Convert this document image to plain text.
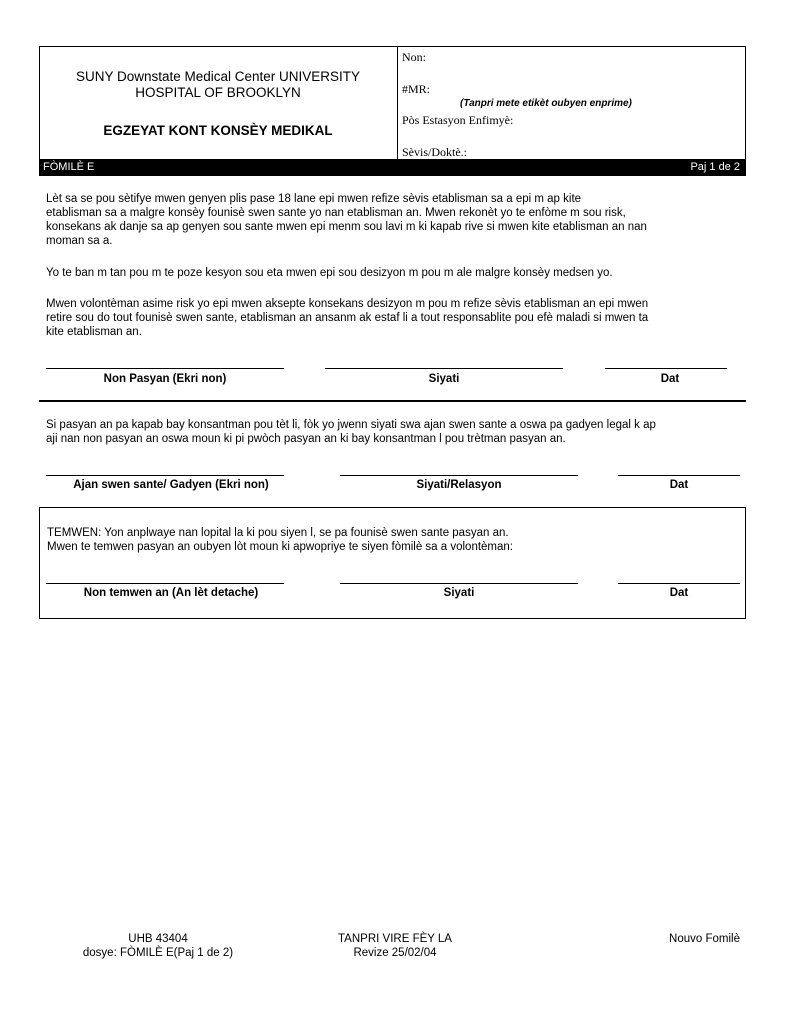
SUNY Downstate Medical Center UNIVERSITY
HOSPITAL OF BROOKLYN
EGZEYAT KONT KONSÈY MEDIKAL
Non:
#MR:
(Tanpri mete etikèt oubyen enprime)
Pòs Estasyon Enfimyè:
Sèvis/Doktè.:
FÒMILÈ E	Paj 1 de 2
Lèt sa se pou sètifye mwen genyen plis pase 18 lane epi mwen refize sèvis etablisman sa a epi m ap kite
etablisman sa a malgre konsèy founisè swen sante yo nan etablisman an. Mwen rekonèt yo te enfòme m sou risk,
konsekans ak danje sa ap genyen sou sante mwen epi menm sou lavi m ki kapab rive si mwen kite etablisman an nan
moman sa a.
Yo te ban m tan pou m te poze kesyon sou eta mwen epi sou desizyon m pou m ale malgre konsèy medsen yo.
Mwen volontèman asime risk yo epi mwen aksepte konsekans desizyon m pou m refize sèvis etablisman an epi mwen
retire sou do tout founisè swen sante, etablisman an ansanm ak estaf li a tout responsablite pou efè maladi si mwen ta
kite etablisman an.
Non Pasyan (Ekri non)	Siyati	Dat
Si pasyan an pa kapab bay konsantman pou tèt li, fòk yo jwenn siyati swa ajan swen sante a oswa pa gadyen legal k ap
aji nan non pasyan an oswa moun ki pi pwòch pasyan an ki bay konsantman l pou trètman pasyan an.
Ajan swen sante/ Gadyen (Ekri non)	Siyati/Relasyon	Dat
TEMWEN: Yon anplwaye nan lopital la ki pou siyen l, se pa founisè swen sante pasyan an.
Mwen te temwen pasyan an oubyen lòt moun ki apwopriye te siyen fòmilè sa a volontèman:
Non temwen an (An lèt detache)	Siyati	Dat
UHB 43404
dosye: FÒMILÈ E(Paj 1 de 2)
TANPRI VIRE FÈY LA
Revize 25/02/04
Nouvo Fomilè
